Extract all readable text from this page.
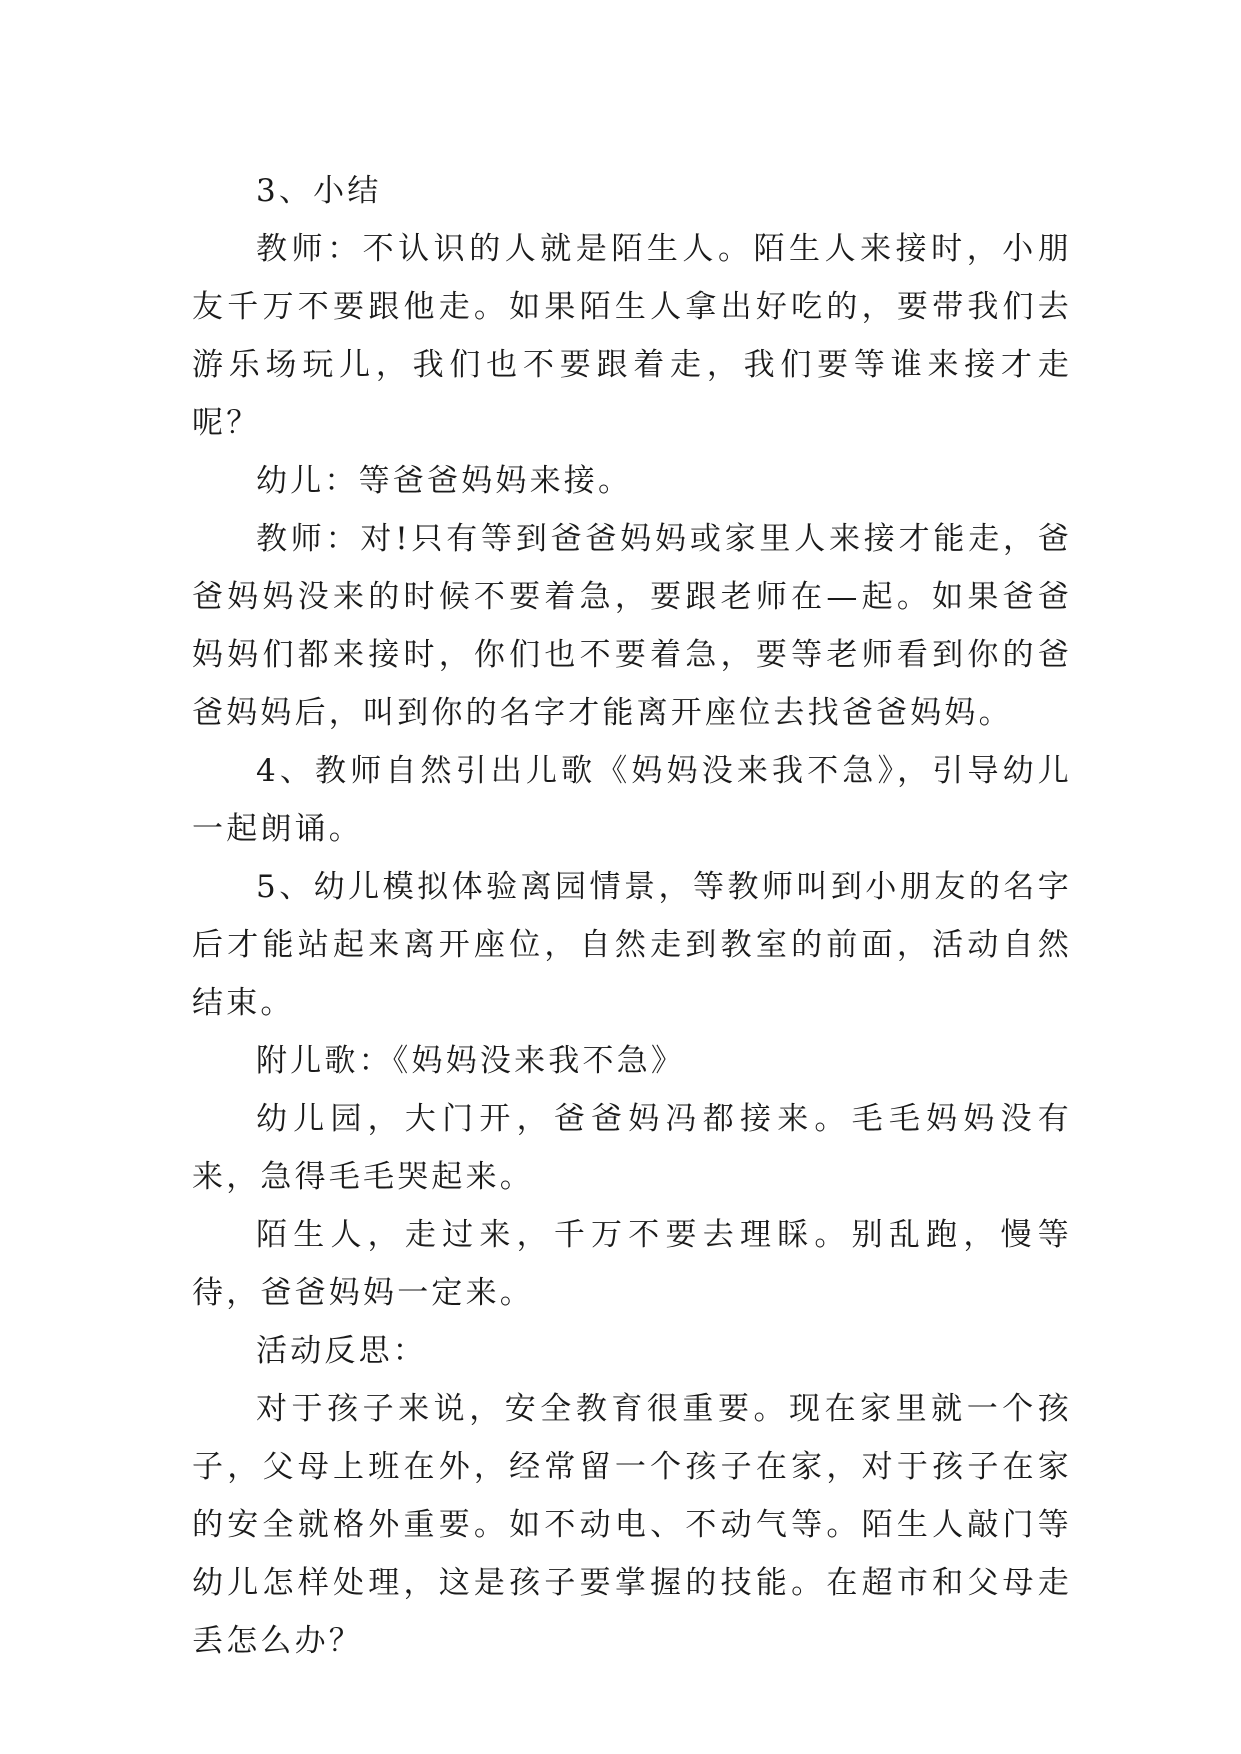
3、小结

教师：不认识的人就是陌生人。陌生人来接时，小朋友千万不要跟他走。如果陌生人拿出好吃的，要带我们去游乐场玩儿，我们也不要跟着走，我们要等谁来接才走呢？

幼儿：等爸爸妈妈来接。

教师：对!只有等到爸爸妈妈或家里人来接才能走，爸爸妈妈没来的时候不要着急，要跟老师在—起。如果爸爸妈妈们都来接时，你们也不要着急，要等老师看到你的爸爸妈妈后，叫到你的名字才能离开座位去找爸爸妈妈。

4、教师自然引出儿歌《妈妈没来我不急》，引导幼儿一起朗诵。

5、幼儿模拟体验离园情景，等教师叫到小朋友的名字后才能站起来离开座位，自然走到教室的前面，活动自然结束。

附儿歌：《妈妈没来我不急》

幼儿园，大门开，爸爸妈冯都接来。毛毛妈妈没有来，急得毛毛哭起来。

陌生人，走过来，千万不要去理睬。别乱跑，慢等待，爸爸妈妈一定来。

活动反思：

对于孩子来说，安全教育很重要。现在家里就一个孩子，父母上班在外，经常留一个孩子在家，对于孩子在家的安全就格外重要。如不动电、不动气等。陌生人敲门等幼儿怎样处理，这是孩子要掌握的技能。在超市和父母走丢怎么办？
